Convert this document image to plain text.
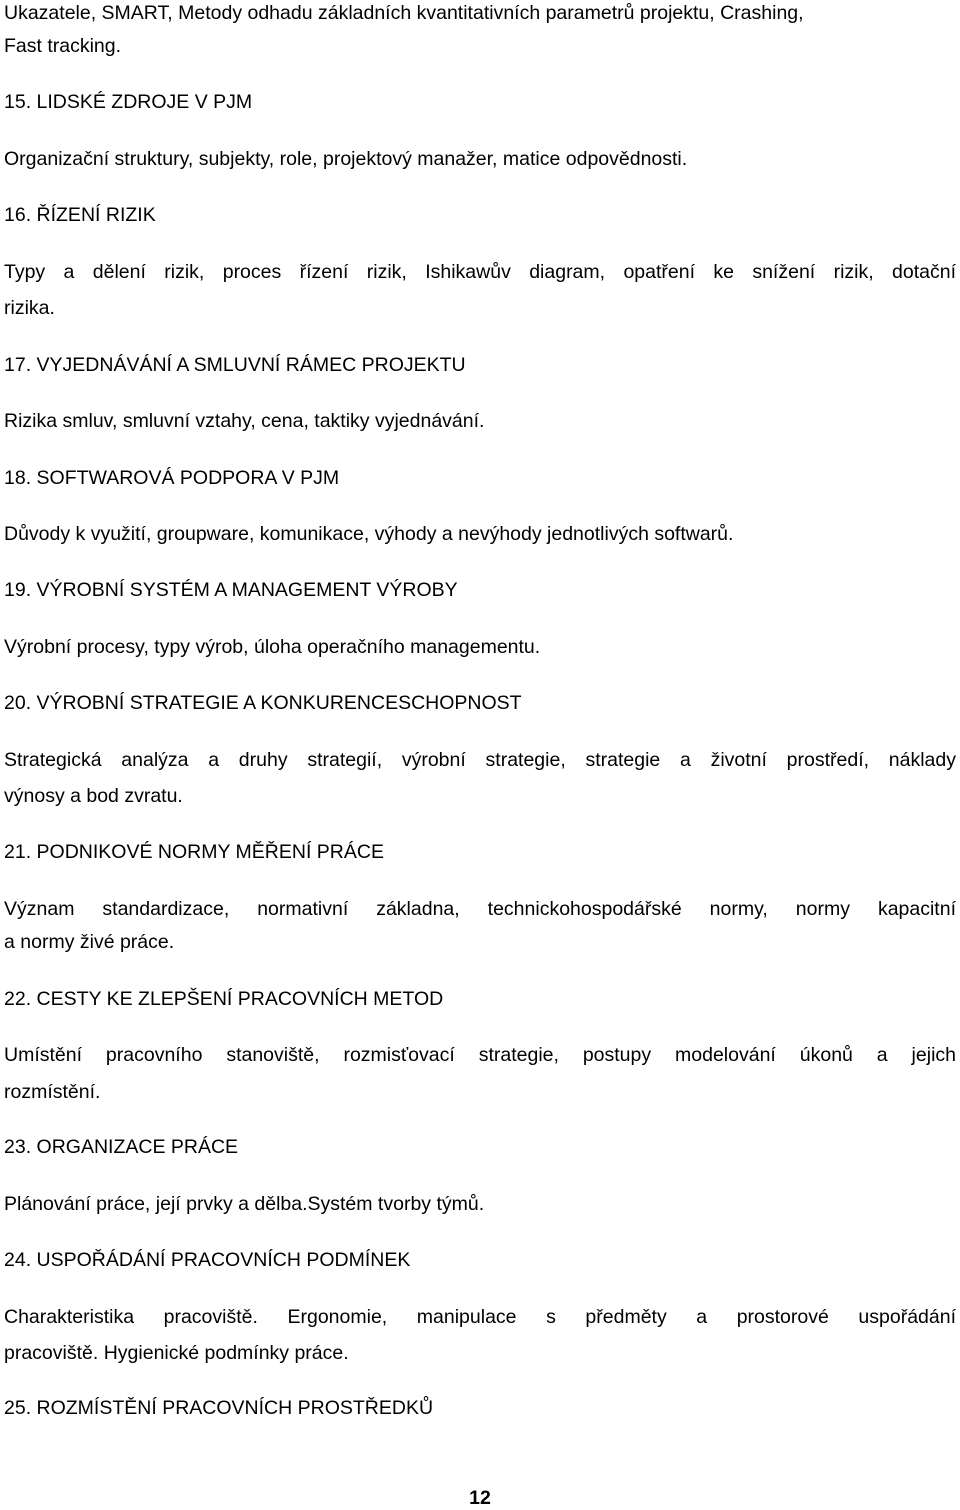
Ukazatele, SMART, Metody odhadu základních kvantitativních parametrů projektu, Crashing,
Fast tracking.
15. LIDSKÉ ZDROJE V PJM
Organizační struktury, subjekty, role, projektový manažer, matice odpovědnosti.
16. ŘÍZENÍ RIZIK
Typy a dělení rizik, proces řízení rizik, Ishikawův diagram, opatření ke snížení rizik, dotační
rizika.
17. VYJEDNÁVÁNÍ A SMLUVNÍ RÁMEC PROJEKTU
Rizika smluv, smluvní vztahy, cena, taktiky vyjednávání.
18. SOFTWAROVÁ PODPORA V PJM
Důvody k využití, groupware, komunikace, výhody a nevýhody jednotlivých softwarů.
19. VÝROBNÍ SYSTÉM A MANAGEMENT VÝROBY
Výrobní procesy, typy výrob, úloha operačního managementu.
20. VÝROBNÍ STRATEGIE A KONKURENCESCHOPNOST
Strategická analýza a druhy strategií, výrobní strategie, strategie a životní prostředí, náklady
výnosy a bod zvratu.
21. PODNIKOVÉ NORMY MĚŘENÍ PRÁCE
Význam standardizace, normativní základna, technickohospodářské normy, normy kapacitní
a normy živé práce.
22. CESTY KE ZLEPŠENÍ PRACOVNÍCH METOD
Umístění pracovního stanoviště, rozmisťovací strategie, postupy modelování úkonů a jejich
rozmístění.
23. ORGANIZACE PRÁCE
Plánování práce, její prvky a dělba.Systém tvorby týmů.
24. USPOŘÁDÁNÍ PRACOVNÍCH PODMÍNEK
Charakteristika pracoviště. Ergonomie, manipulace s předměty a prostorové uspořádání
pracoviště. Hygienické podmínky práce.
25. ROZMÍSTĚNÍ PRACOVNÍCH PROSTŘEDKŮ
12
